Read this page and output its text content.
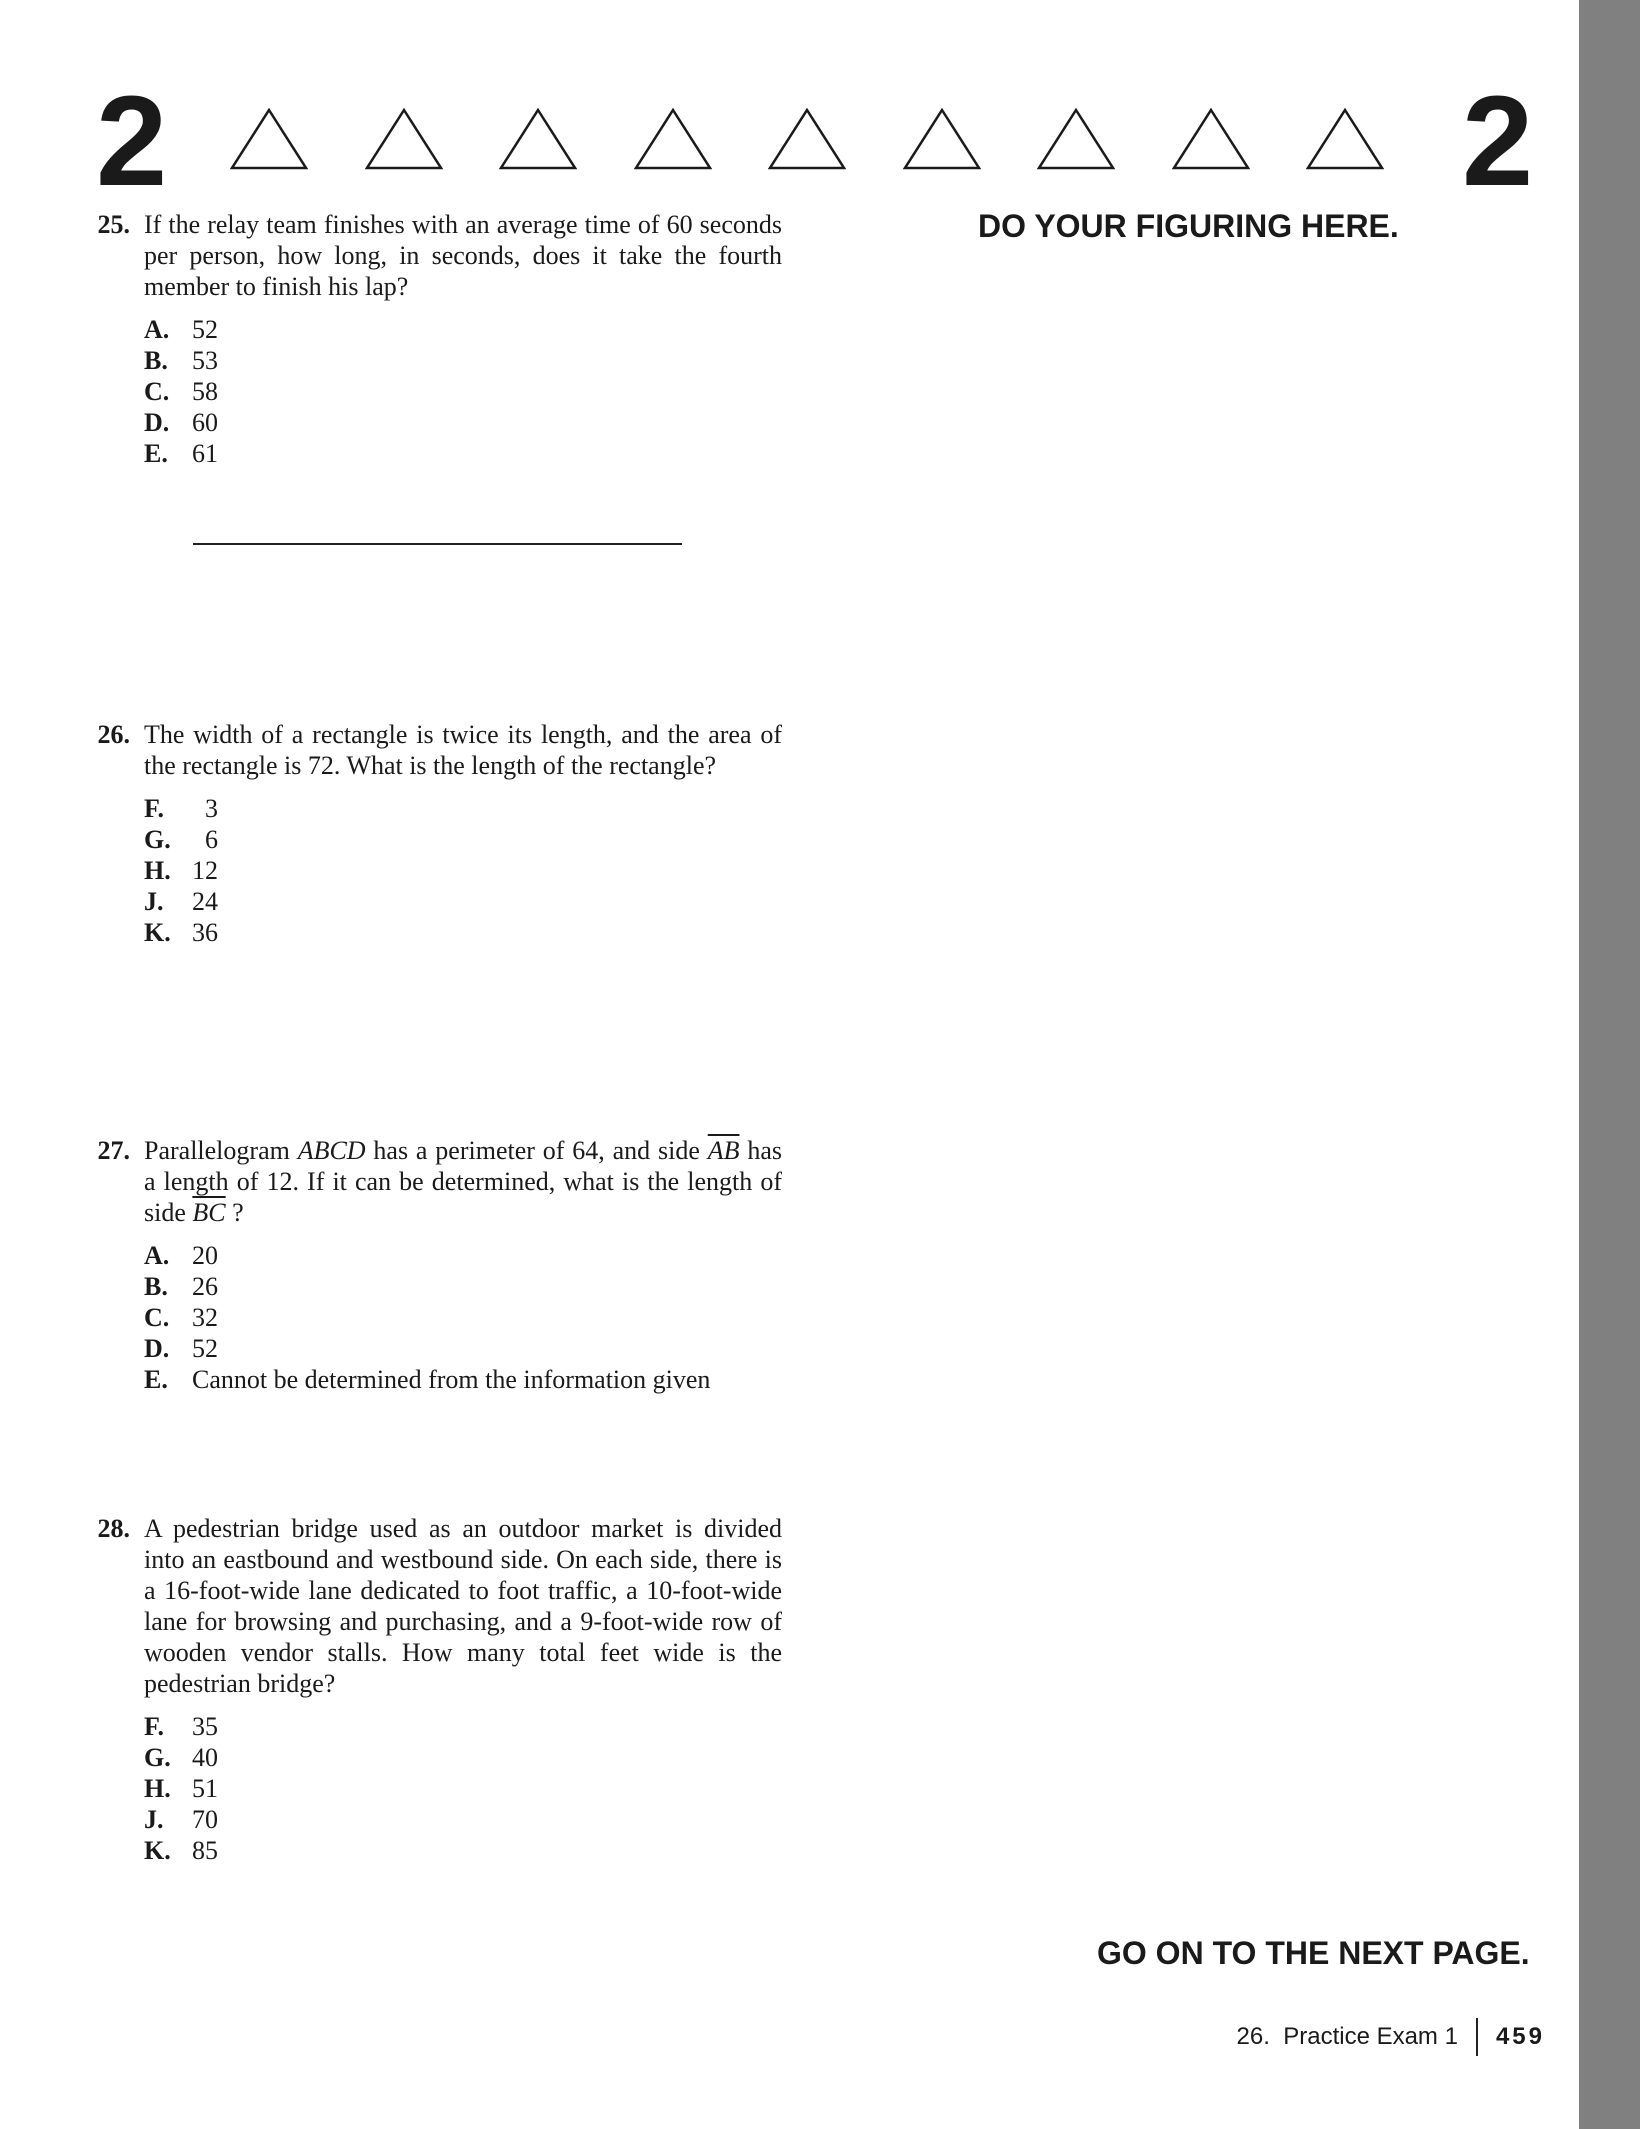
2	2
DO YOUR FIGURING HERE.
25. If the relay team finishes with an average time of 60 seconds per person, how long, in seconds, does it take the fourth member to finish his lap?
A. 52
B. 53
C. 58
D. 60
E. 61
26. The width of a rectangle is twice its length, and the area of the rectangle is 72. What is the length of the rectangle?
F.	3
G.	6
H. 12
J.	24
K. 36
27. Parallelogram ABCD has a perimeter of 64, and side $\overline{AB}$ has a length of 12. If it can be determined, what is the length of side $\overline{BC}$ ?
A. 20
B. 26
C. 32
D. 52
E. Cannot be determined from the information given
28. A pedestrian bridge used as an outdoor market is divided into an eastbound and westbound side. On each side, there is a 16-foot-wide lane dedicated to foot traffic, a 10-foot-wide lane for browsing and purchasing, and a 9-foot-wide row of wooden vendor stalls. How many total feet wide is the pedestrian bridge?
F.	35
G. 40
H. 51
J.	70
K. 85
GO ON TO THE NEXT PAGE.
26.  Practice Exam 1 459
